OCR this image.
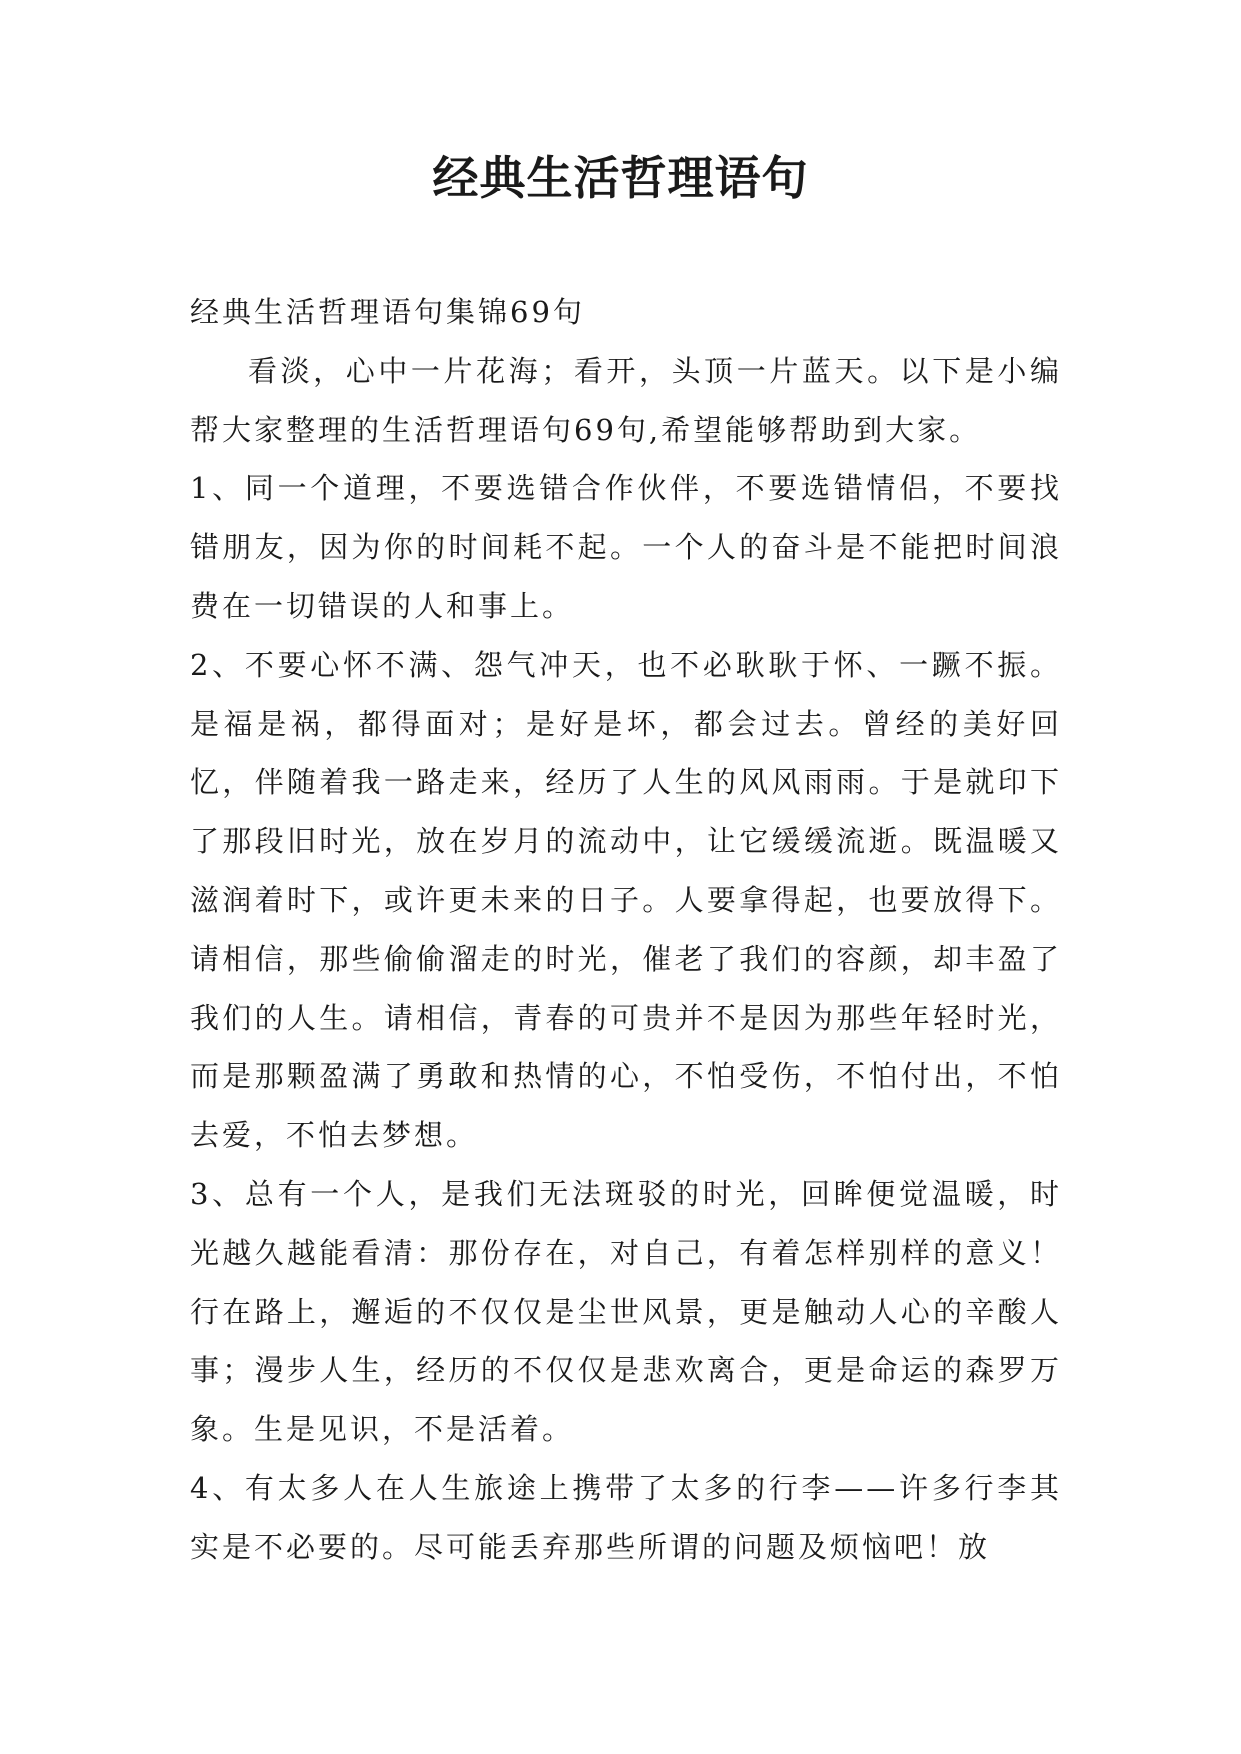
经典生活哲理语句

经典生活哲理语句集锦69句

看淡，心中一片花海；看开，头顶一片蓝天。以下是小编帮大家整理的生活哲理语句69句,希望能够帮助到大家。

1、同一个道理，不要选错合作伙伴，不要选错情侣，不要找错朋友，因为你的时间耗不起。一个人的奋斗是不能把时间浪费在一切错误的人和事上。

2、不要心怀不满、怨气冲天，也不必耿耿于怀、一蹶不振。是福是祸，都得面对；是好是坏，都会过去。曾经的美好回忆，伴随着我一路走来，经历了人生的风风雨雨。于是就印下了那段旧时光，放在岁月的流动中，让它缓缓流逝。既温暖又滋润着时下，或许更未来的日子。人要拿得起，也要放得下。请相信，那些偷偷溜走的时光，催老了我们的容颜，却丰盈了我们的人生。请相信，青春的可贵并不是因为那些年轻时光，而是那颗盈满了勇敢和热情的心，不怕受伤，不怕付出，不怕去爱，不怕去梦想。

3、总有一个人，是我们无法斑驳的时光，回眸便觉温暖，时光越久越能看清：那份存在，对自己，有着怎样别样的意义！行在路上，邂逅的不仅仅是尘世风景，更是触动人心的辛酸人事；漫步人生，经历的不仅仅是悲欢离合，更是命运的森罗万象。生是见识，不是活着。

4、有太多人在人生旅途上携带了太多的行李——许多行李其实是不必要的。尽可能丢弃那些所谓的问题及烦恼吧！放
